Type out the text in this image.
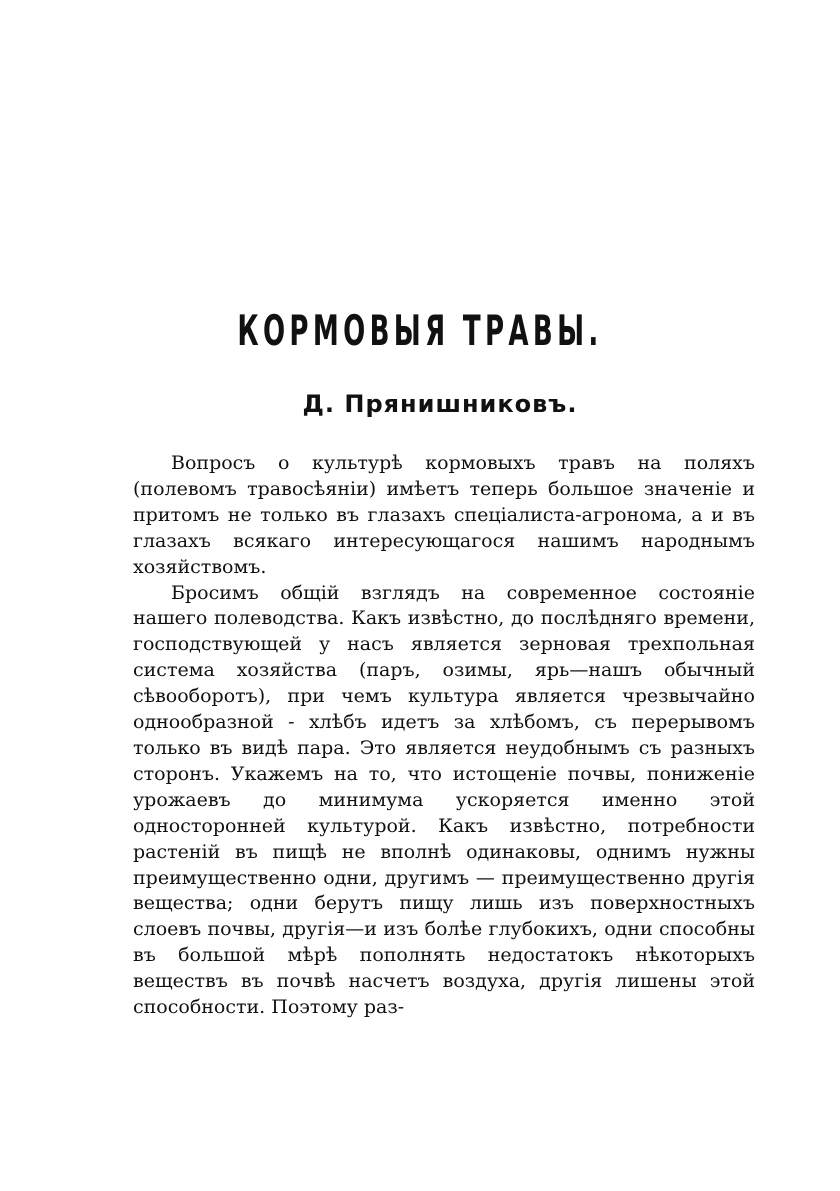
КОРМОВЫЯ ТРАВЫ.
Д. Прянишниковъ.

Вопросъ о культурѣ кормовыхъ травъ на поляхъ (полевомъ травосѣяніи) имѣетъ теперь большое значеніе и притомъ не только въ глазахъ спеціалиста-агронома, а и въ глазахъ всякаго интересующагося нашимъ народнымъ хозяйствомъ.

Бросимъ общій взглядъ на современное состояніе нашего полеводства. Какъ извѣстно, до послѣдняго времени, господствующей у насъ является зерновая трехпольная система хозяйства (паръ, озимы, ярь—нашъ обычный сѣвооборотъ), при чемъ культура является чрезвычайно однообразной - хлѣбъ идетъ за хлѣбомъ, съ перерывомъ только въ видѣ пара. Это является неудобнымъ съ разныхъ сторонъ. Укажемъ на то, что истощеніе почвы, пониженіе урожаевъ до минимума ускоряется именно этой односторонней культурой. Какъ извѣстно, потребности растеній въ пищѣ не вполнѣ одинаковы, однимъ нужны преимущественно одни, другимъ — преимущественно другія вещества; одни берутъ пищу лишь изъ поверхностныхъ слоевъ почвы, другія—и изъ болѣе глубокихъ, одни способны въ большой мѣрѣ пополнять недостатокъ нѣкоторыхъ веществъ въ почвѣ насчетъ воздуха, другія лишены этой способности. Поэтому раз-
